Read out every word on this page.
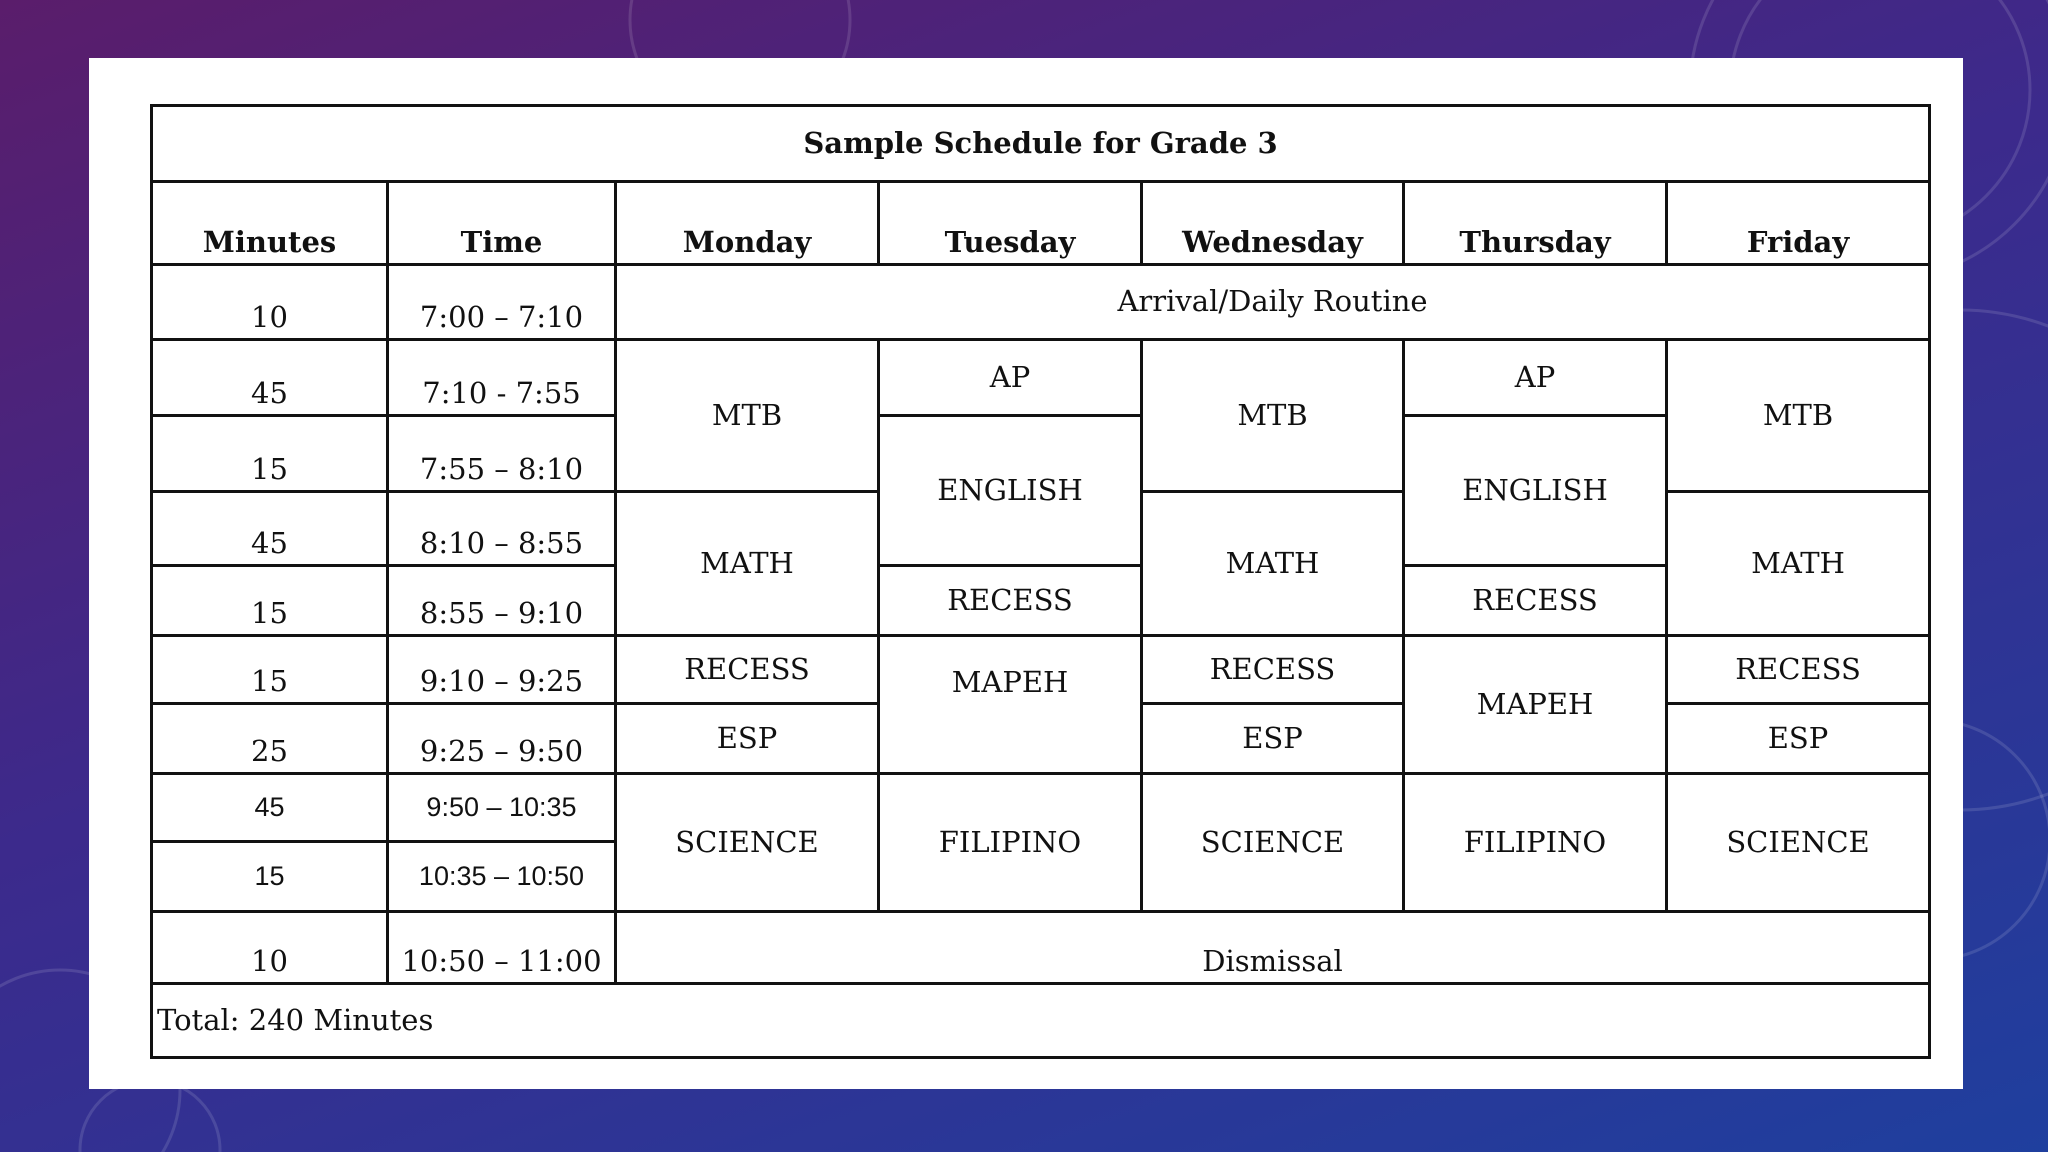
Sample Schedule for Grade 3						
Minutes	Time	Monday	Tuesday	Wednesday	Thursday	Friday
10	7:00 – 7:10	Arrival/Daily Routine				
45	7:10 - 7:55	MTB	AP	MTB	AP	MTB
15	7:55 – 8:10		ENGLISH		ENGLISH	
45	8:10 – 8:55	MATH		MATH		MATH
15	8:55 – 9:10		RECESS		RECESS	
15	9:10 – 9:25	RECESS	MAPEH	RECESS	MAPEH	RECESS
25	9:25 – 9:50	ESP		ESP		ESP
45	9:50 – 10:35	SCIENCE	FILIPINO	SCIENCE	FILIPINO	SCIENCE
15	10:35 – 10:50					
10	10:50 – 11:00	Dismissal				
Total: 240 Minutes						
